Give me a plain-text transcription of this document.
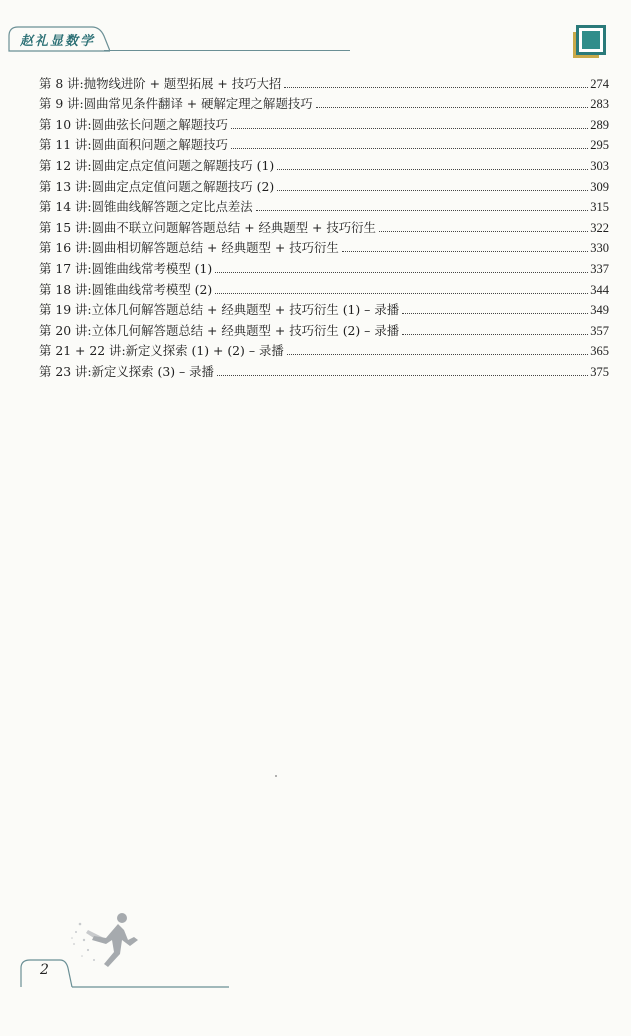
赵礼显数学
第 8 讲:抛物线进阶 + 题型拓展 + 技巧大招	274
第 9 讲:圆曲常见条件翻译 + 硬解定理之解题技巧	283
第 10 讲:圆曲弦长问题之解题技巧	289
第 11 讲:圆曲面积问题之解题技巧	295
第 12 讲:圆曲定点定值问题之解题技巧 (1)	303
第 13 讲:圆曲定点定值问题之解题技巧 (2)	309
第 14 讲:圆锥曲线解答题之定比点差法	315
第 15 讲:圆曲不联立问题解答题总结 + 经典题型 + 技巧衍生	322
第 16 讲:圆曲相切解答题总结 + 经典题型 + 技巧衍生	330
第 17 讲:圆锥曲线常考模型 (1)	337
第 18 讲:圆锥曲线常考模型 (2)	344
第 19 讲:立体几何解答题总结 + 经典题型 + 技巧衍生 (1) – 录播	349
第 20 讲:立体几何解答题总结 + 经典题型 + 技巧衍生 (2) – 录播	357
第 21 + 22 讲:新定义探索 (1) + (2) – 录播	365
第 23 讲:新定义探索 (3) – 录播	375
2
